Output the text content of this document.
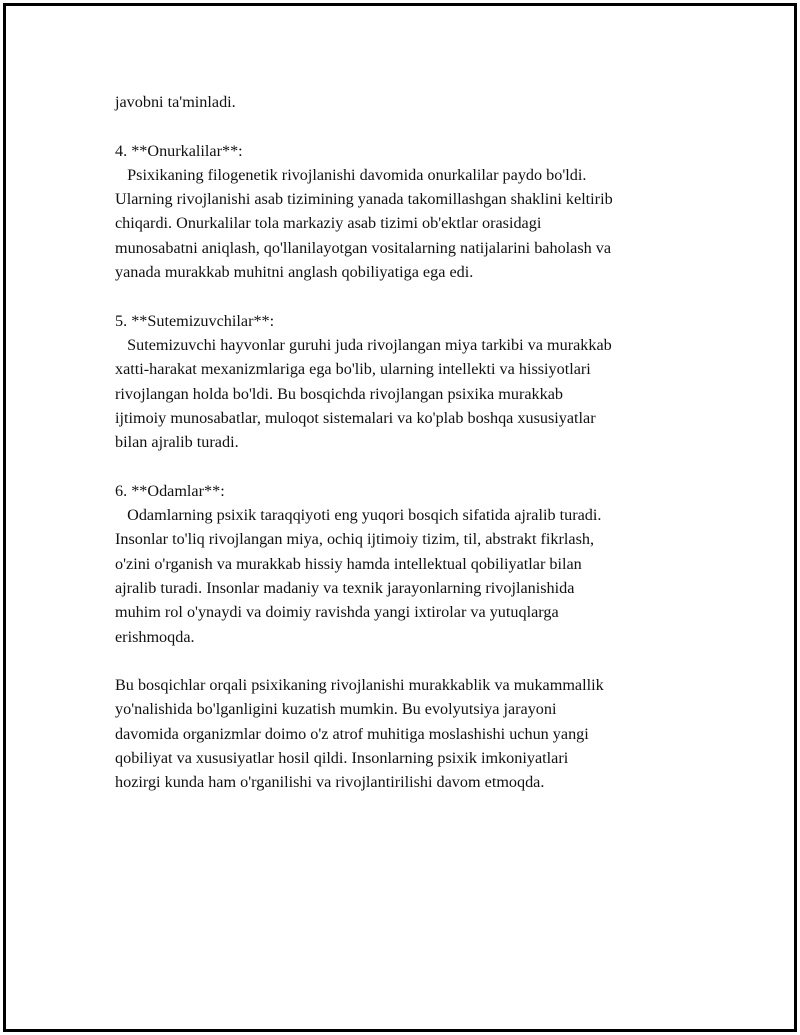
javobni ta'minladi.
4. **Onurkalilar**:
Psixikaning filogenetik rivojlanishi davomida onurkalilar paydo bo'ldi.
Ularning rivojlanishi asab tizimining yanada takomillashgan shaklini keltirib
chiqardi. Onurkalilar tola markaziy asab tizimi ob'ektlar orasidagi
munosabatni aniqlash, qo'llanilayotgan vositalarning natijalarini baholash va
yanada murakkab muhitni anglash qobiliyatiga ega edi.
5. **Sutemizuvchilar**:
Sutemizuvchi hayvonlar guruhi juda rivojlangan miya tarkibi va murakkab
xatti-harakat mexanizmlariga ega bo'lib, ularning intellekti va hissiyotlari
rivojlangan holda bo'ldi. Bu bosqichda rivojlangan psixika murakkab
ijtimoiy munosabatlar, muloqot sistemalari va ko'plab boshqa xususiyatlar
bilan ajralib turadi.
6. **Odamlar**:
Odamlarning psixik taraqqiyoti eng yuqori bosqich sifatida ajralib turadi.
Insonlar to'liq rivojlangan miya, ochiq ijtimoiy tizim, til, abstrakt fikrlash,
o'zini o'rganish va murakkab hissiy hamda intellektual qobiliyatlar bilan
ajralib turadi. Insonlar madaniy va texnik jarayonlarning rivojlanishida
muhim rol o'ynaydi va doimiy ravishda yangi ixtirolar va yutuqlarga
erishmoqda.
Bu bosqichlar orqali psixikaning rivojlanishi murakkablik va mukammallik
yo'nalishida bo'lganligini kuzatish mumkin. Bu evolyutsiya jarayoni
davomida organizmlar doimo o'z atrof muhitiga moslashishi uchun yangi
qobiliyat va xususiyatlar hosil qildi. Insonlarning psixik imkoniyatlari
hozirgi kunda ham o'rganilishi va rivojlantirilishi davom etmoqda.
